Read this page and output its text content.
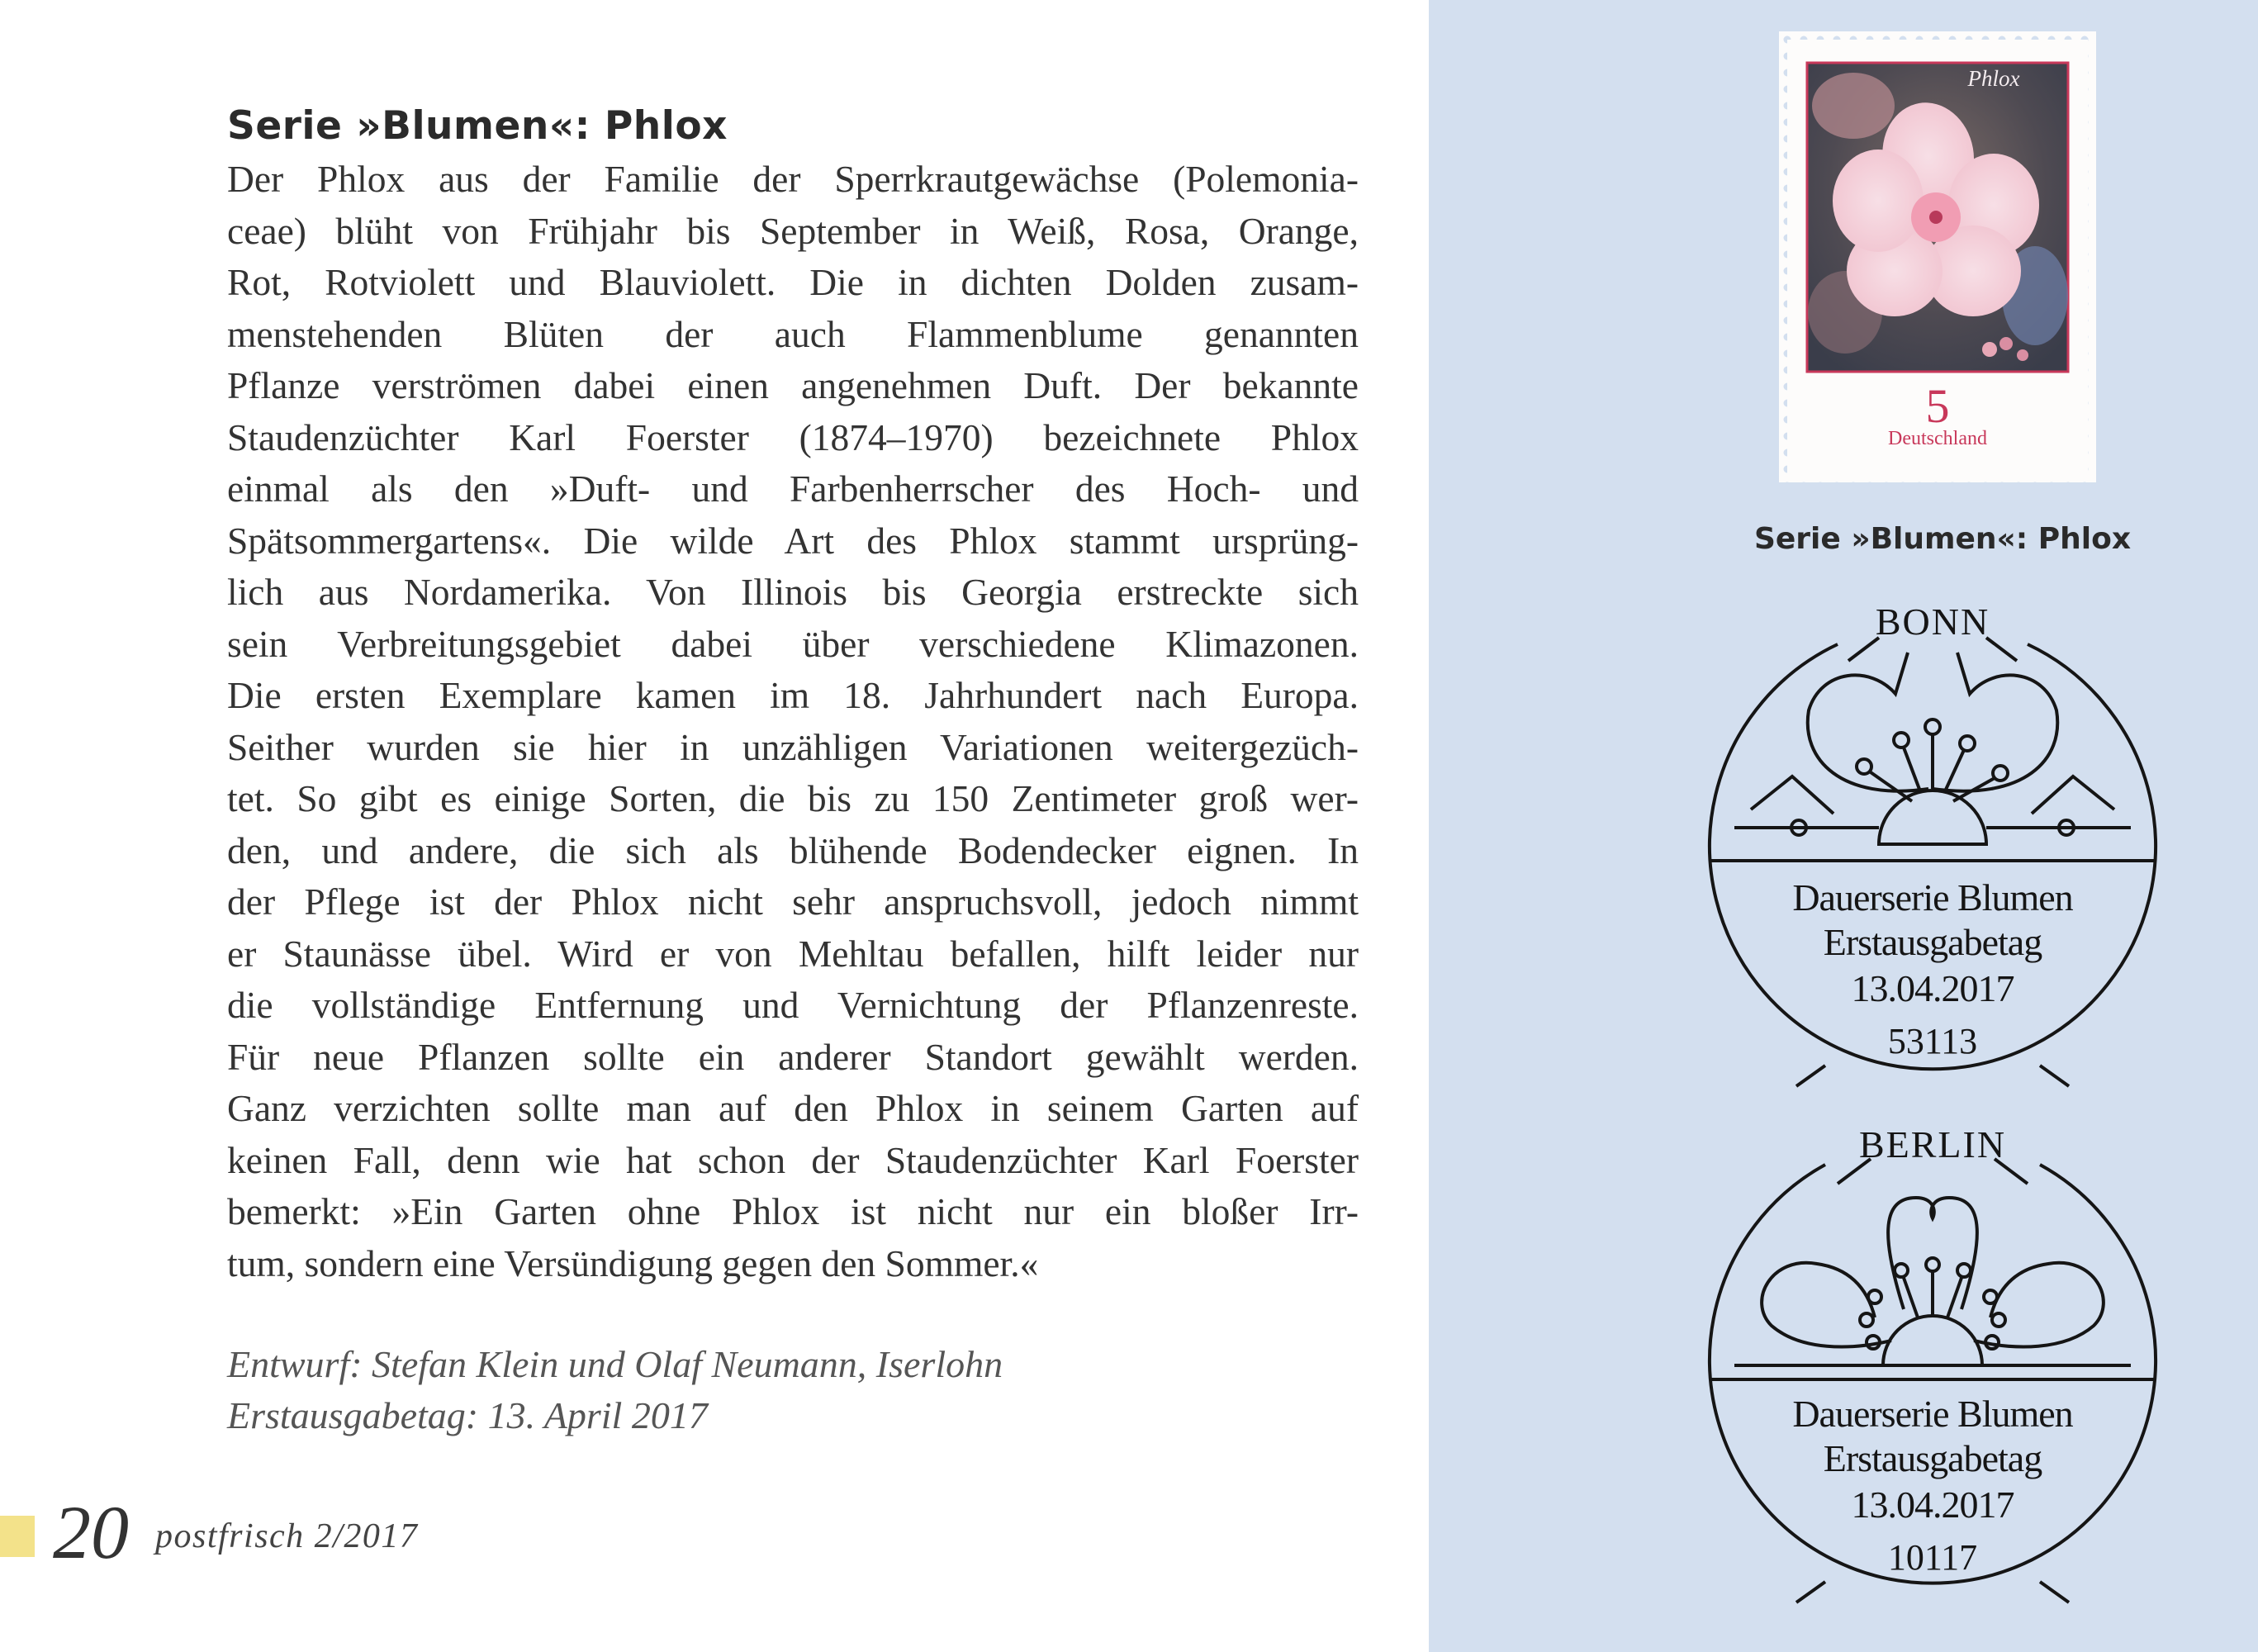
Serie »Blumen«: Phlox
Der Phlox aus der Familie der Sperrkrautgewächse (Polemonia-
ceae) blüht von Frühjahr bis September in Weiß, Rosa, Orange,
Rot, Rotviolett und Blauviolett. Die in dichten Dolden zusam-
menstehenden Blüten der auch Flammenblume genannten
Pflanze verströmen dabei einen angenehmen Duft. Der bekannte
Staudenzüchter Karl Foerster (1874–1970) bezeichnete Phlox
einmal als den »Duft- und Farbenherrscher des Hoch- und
Spätsommergartens«. Die wilde Art des Phlox stammt ursprüng-
lich aus Nordamerika. Von Illinois bis Georgia erstreckte sich
sein Verbreitungsgebiet dabei über verschiedene Klimazonen.
Die ersten Exemplare kamen im 18. Jahrhundert nach Europa.
Seither wurden sie hier in unzähligen Variationen weitergezüch-
tet. So gibt es einige Sorten, die bis zu 150 Zentimeter groß wer-
den, und andere, die sich als blühende Bodendecker eignen. In
der Pflege ist der Phlox nicht sehr anspruchsvoll, jedoch nimmt
er Staunässe übel. Wird er von Mehltau befallen, hilft leider nur
die vollständige Entfernung und Vernichtung der Pflanzenreste.
Für neue Pflanzen sollte ein anderer Standort gewählt werden.
Ganz verzichten sollte man auf den Phlox in seinem Garten auf
keinen Fall, denn wie hat schon der Staudenzüchter Karl Foerster
bemerkt: »Ein Garten ohne Phlox ist nicht nur ein bloßer Irr-
tum, sondern eine Versündigung gegen den Sommer.«
Entwurf: Stefan Klein und Olaf Neumann, Iserlohn
Erstausgabetag: 13. April 2017
20 postfrisch 2/2017
Phlox
5
Deutschland
Serie »Blumen«: Phlox
BONN
Dauerserie Blumen
Erstausgabetag
13.04.2017
53113
BERLIN
Dauerserie Blumen
Erstausgabetag
13.04.2017
10117
